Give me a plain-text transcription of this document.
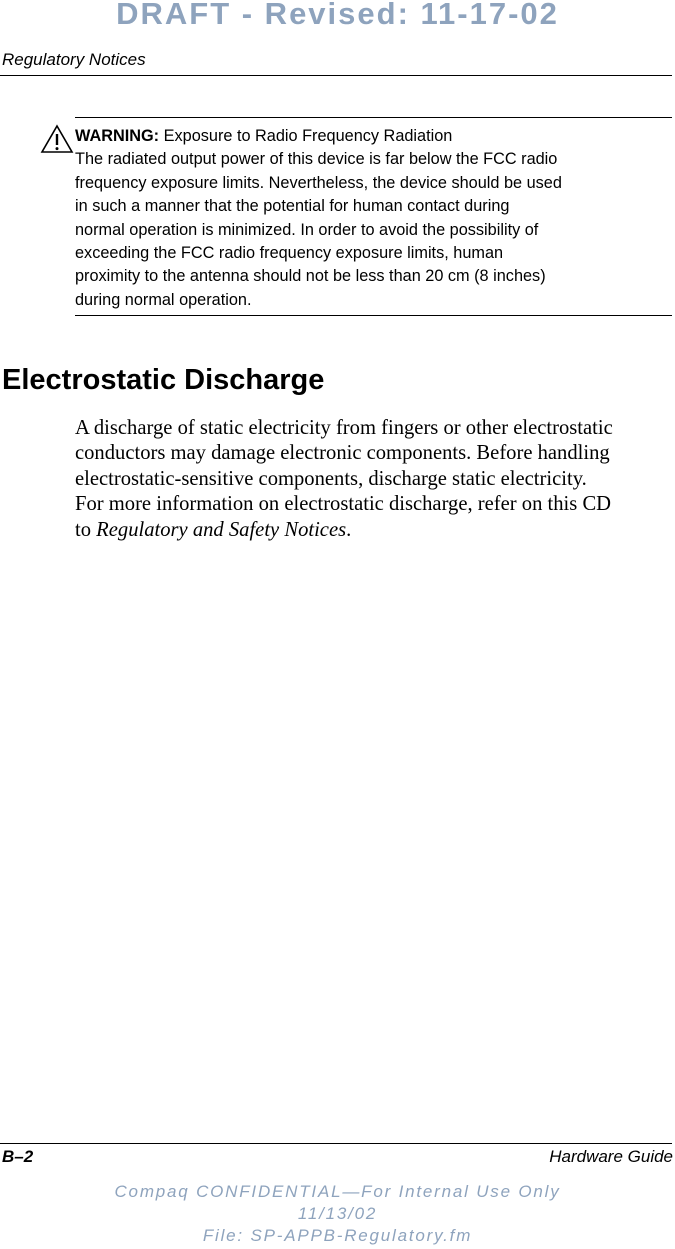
DRAFT - Revised: 11-17-02
Regulatory Notices
WARNING: Exposure to Radio Frequency Radiation
The radiated output power of this device is far below the FCC radio
frequency exposure limits. Nevertheless, the device should be used
in such a manner that the potential for human contact during
normal operation is minimized. In order to avoid the possibility of
exceeding the FCC radio frequency exposure limits, human
proximity to the antenna should not be less than 20 cm (8 inches)
during normal operation.
Electrostatic Discharge
A discharge of static electricity from fingers or other electrostatic
conductors may damage electronic components. Before handling
electrostatic-sensitive components, discharge static electricity.
For more information on electrostatic discharge, refer on this CD
to Regulatory and Safety Notices.
B–2	Hardware Guide
Compaq CONFIDENTIAL—For Internal Use Only
11/13/02
File: SP-APPB-Regulatory.fm
